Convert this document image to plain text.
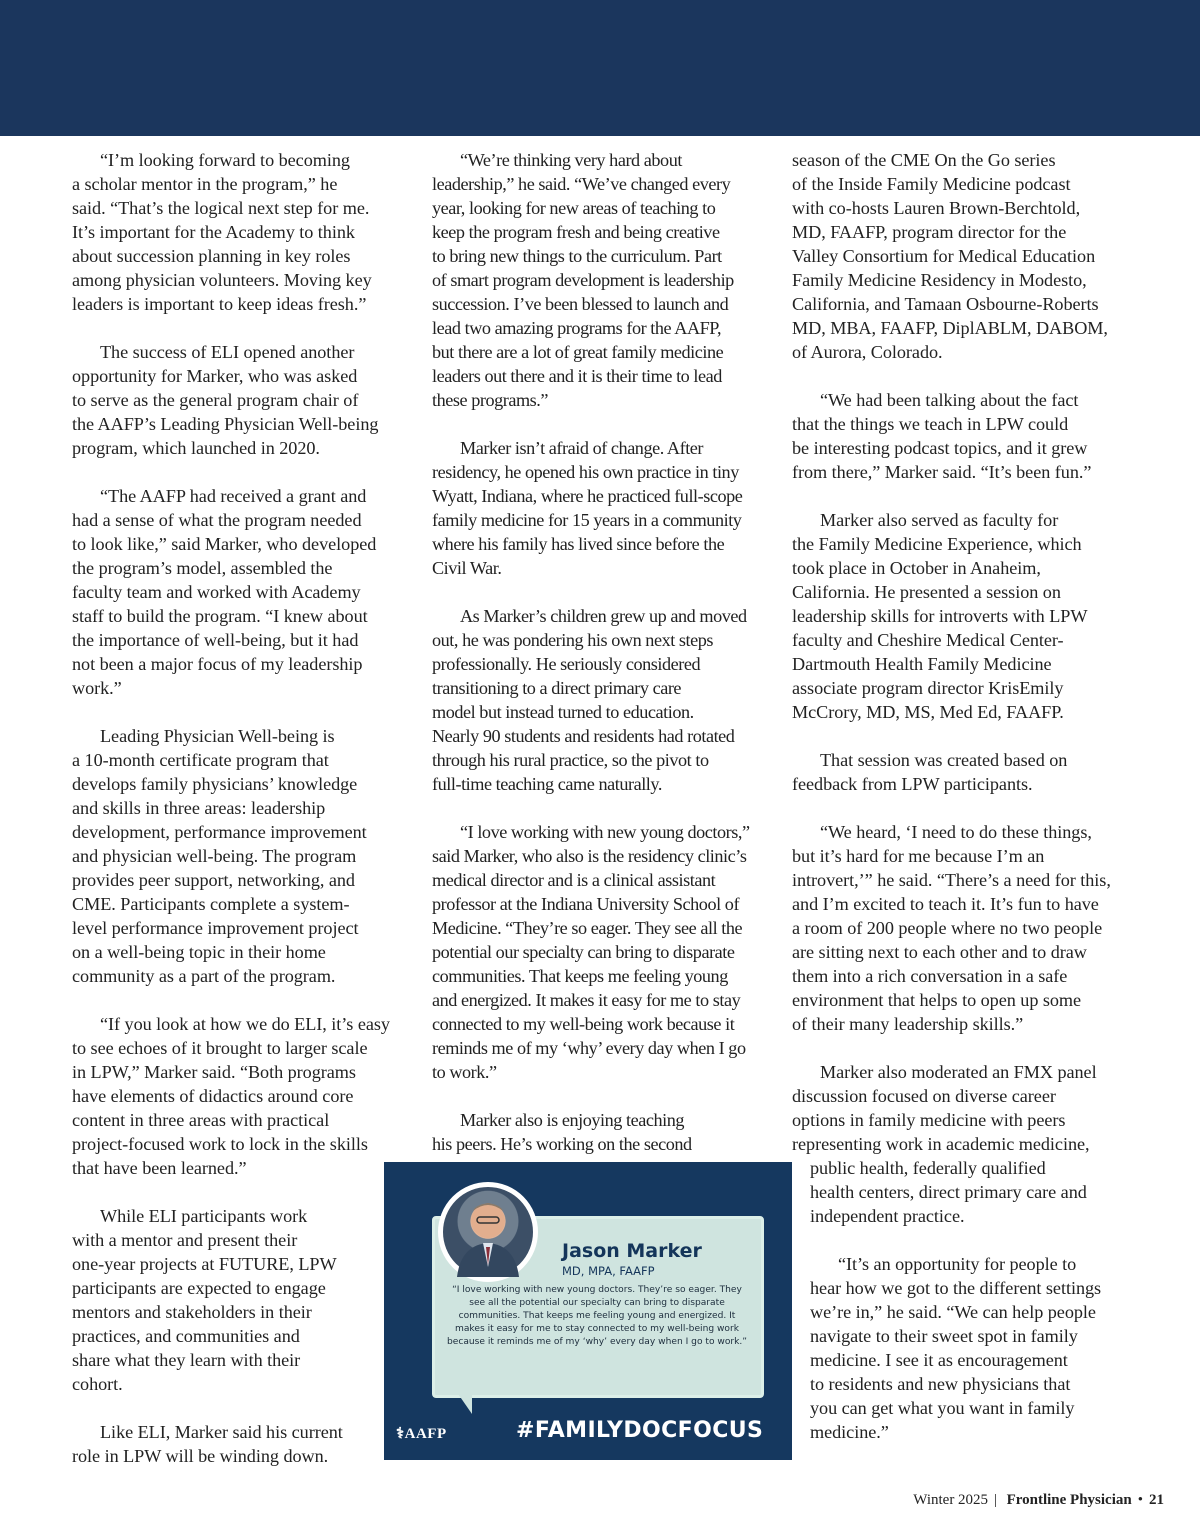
“I’m looking forward to becoming
a scholar mentor in the program,” he
said. “That’s the logical next step for me.
It’s important for the Academy to think
about succession planning in key roles
among physician volunteers. Moving key
leaders is important to keep ideas fresh.”

The success of ELI opened another
opportunity for Marker, who was asked
to serve as the general program chair of
the AAFP’s Leading Physician Well-being
program, which launched in 2020.

“The AAFP had received a grant and
had a sense of what the program needed
to look like,” said Marker, who developed
the program’s model, assembled the
faculty team and worked with Academy
staff to build the program. “I knew about
the importance of well-being, but it had
not been a major focus of my leadership
work.”

Leading Physician Well-being is
a 10-month certificate program that
develops family physicians’ knowledge
and skills in three areas: leadership
development, performance improvement
and physician well-being. The program
provides peer support, networking, and
CME. Participants complete a system-
level performance improvement project
on a well-being topic in their home
community as a part of the program.

“If you look at how we do ELI, it’s easy
to see echoes of it brought to larger scale
in LPW,” Marker said. “Both programs
have elements of didactics around core
content in three areas with practical
project-focused work to lock in the skills
that have been learned.”

While ELI participants work
with a mentor and present their
one-year projects at FUTURE, LPW
participants are expected to engage
mentors and stakeholders in their
practices, and communities and
share what they learn with their
cohort.

Like ELI, Marker said his current
role in LPW will be winding down.

“We’re thinking very hard about
leadership,” he said. “We’ve changed every
year, looking for new areas of teaching to
keep the program fresh and being creative
to bring new things to the curriculum. Part
of smart program development is leadership
succession. I’ve been blessed to launch and
lead two amazing programs for the AAFP,
but there are a lot of great family medicine
leaders out there and it is their time to lead
these programs.”

Marker isn’t afraid of change. After
residency, he opened his own practice in tiny
Wyatt, Indiana, where he practiced full-scope
family medicine for 15 years in a community
where his family has lived since before the
Civil War.

As Marker’s children grew up and moved
out, he was pondering his own next steps
professionally. He seriously considered
transitioning to a direct primary care
model but instead turned to education.
Nearly 90 students and residents had rotated
through his rural practice, so the pivot to
full-time teaching came naturally.

“I love working with new young doctors,”
said Marker, who also is the residency clinic’s
medical director and is a clinical assistant
professor at the Indiana University School of
Medicine. “They’re so eager. They see all the
potential our specialty can bring to disparate
communities. That keeps me feeling young
and energized. It makes it easy for me to stay
connected to my well-being work because it
reminds me of my ‘why’ every day when I go
to work.”

Marker also is enjoying teaching
his peers. He’s working on the second

season of the CME On the Go series
of the Inside Family Medicine podcast
with co-hosts Lauren Brown-Berchtold,
MD, FAAFP, program director for the
Valley Consortium for Medical Education
Family Medicine Residency in Modesto,
California, and Tamaan Osbourne-Roberts
MD, MBA, FAAFP, DiplABLM, DABOM,
of Aurora, Colorado.

“We had been talking about the fact
that the things we teach in LPW could
be interesting podcast topics, and it grew
from there,” Marker said. “It’s been fun.”

Marker also served as faculty for
the Family Medicine Experience, which
took place in October in Anaheim,
California. He presented a session on
leadership skills for introverts with LPW
faculty and Cheshire Medical Center-
Dartmouth Health Family Medicine
associate program director KrisEmily
McCrory, MD, MS, Med Ed, FAAFP.

That session was created based on
feedback from LPW participants.

“We heard, ‘I need to do these things,
but it’s hard for me because I’m an
introvert,’” he said. “There’s a need for this,
and I’m excited to teach it. It’s fun to have
a room of 200 people where no two people
are sitting next to each other and to draw
them into a rich conversation in a safe
environment that helps to open up some
of their many leadership skills.”

Marker also moderated an FMX panel
discussion focused on diverse career
options in family medicine with peers
representing work in academic medicine,

public health, federally qualified
health centers, direct primary care and
independent practice.

“It’s an opportunity for people to
hear how we got to the different settings
we’re in,” he said. “We can help people
navigate to their sweet spot in family
medicine. I see it as encouragement
to residents and new physicians that
you can get what you want in family
medicine.”

Jason Marker
MD, MPA, FAAFP
“I love working with new young doctors. They’re so eager. They see all the potential our specialty can bring to disparate communities. That keeps me feeling young and energized. It makes it easy for me to stay connected to my well-being work because it reminds me of my ‘why’ every day when I go to work.”
⚕AAFP	#FAMILYDOCFOCUS
Winter 2025 | Frontline Physician • 21
